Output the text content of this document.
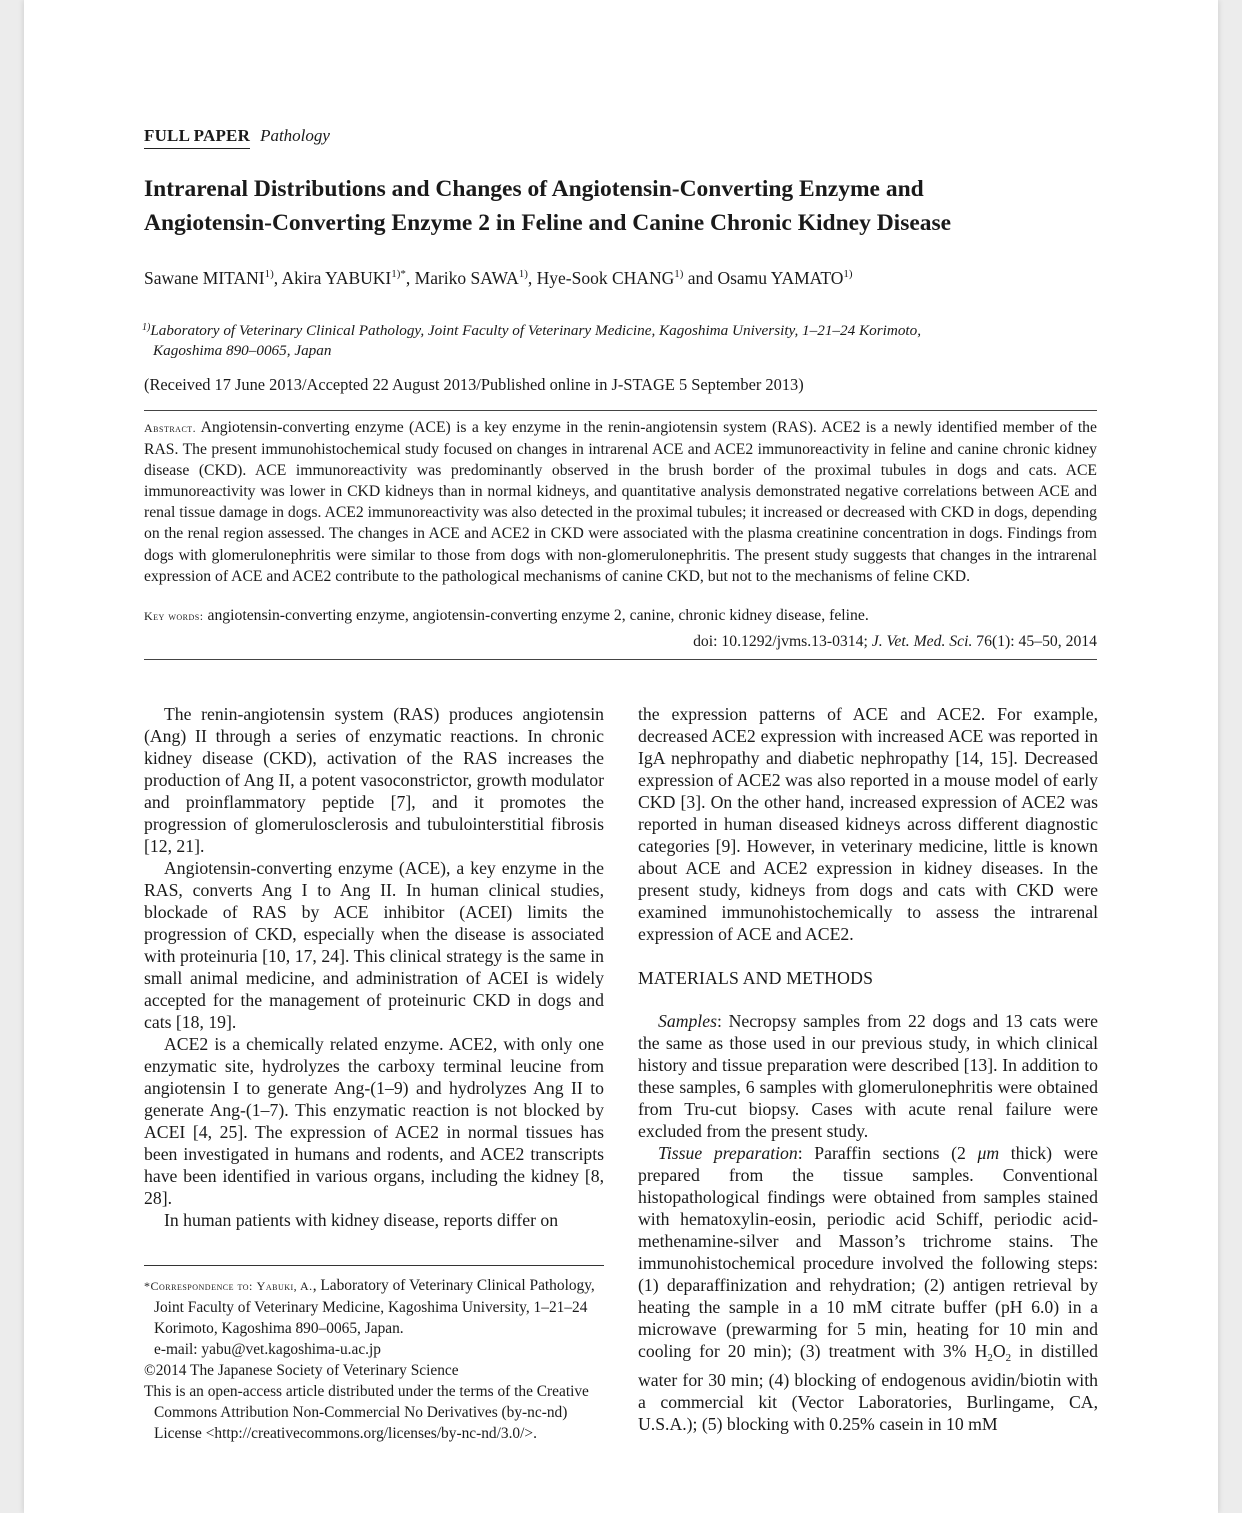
FULL PAPER Pathology
Intrarenal Distributions and Changes of Angiotensin-Converting Enzyme and
Angiotensin-Converting Enzyme 2 in Feline and Canine Chronic Kidney Disease
Sawane MITANI$^{1)}$, Akira $YABUKI^{1)*}$, Mariko SAWA$^{1)}$, Hye-Sook CHANG$^{1)}$ and Osamu YAMATO$^{1)}$
$^{1)}$Laboratory of Veterinary Clinical Pathology, Joint Faculty of Veterinary Medicine, Kagoshima University, 1–21–24 Korimoto,
Kagoshima 890–0065, Japan
(Received 17 June 2013/Accepted 22 August 2013/Published online in J-STAGE 5 September 2013)
Abstract. Angiotensin-converting enzyme (ACE) is a key enzyme in the renin-angiotensin system (RAS). ACE2 is a newly identified member of the RAS. The present immunohistochemical study focused on changes in intrarenal ACE and ACE2 immunoreactivity in feline and canine chronic kidney disease (CKD). ACE immunoreactivity was predominantly observed in the brush border of the proximal tubules in dogs and cats. ACE immunoreactivity was lower in CKD kidneys than in normal kidneys, and quantitative analysis demonstrated negative correlations between ACE and renal tissue damage in dogs. ACE2 immunoreactivity was also detected in the proximal tubules; it increased or decreased with CKD in dogs, depending on the renal region assessed. The changes in ACE and ACE2 in CKD were associated with the plasma creatinine concentration in dogs. Findings from dogs with glomerulonephritis were similar to those from dogs with non-glomerulonephritis. The present study suggests that changes in the intrarenal expression of ACE and ACE2 contribute to the pathological mechanisms of canine CKD, but not to the mechanisms of feline CKD.
Key words: angiotensin-converting enzyme, angiotensin-converting enzyme 2, canine, chronic kidney disease, feline.
doi: 10.1292/jvms.13-0314; J. Vet. Med. Sci. 76(1): 45–50, 2014

The renin-angiotensin system (RAS) produces angiotensin (Ang) II through a series of enzymatic reactions. In chronic kidney disease (CKD), activation of the RAS increases the production of Ang II, a potent vasoconstrictor, growth modulator and proinflammatory peptide [7], and it promotes the progression of glomerulosclerosis and tubulointerstitial fibrosis [12, 21].

Angiotensin-converting enzyme (ACE), a key enzyme in the RAS, converts Ang I to Ang II. In human clinical studies, blockade of RAS by ACE inhibitor (ACEI) limits the progression of CKD, especially when the disease is associated with proteinuria [10, 17, 24]. This clinical strategy is the same in small animal medicine, and administration of ACEI is widely accepted for the management of proteinuric CKD in dogs and cats [18, 19].

ACE2 is a chemically related enzyme. ACE2, with only one enzymatic site, hydrolyzes the carboxy terminal leucine from angiotensin I to generate Ang-(1–9) and hydrolyzes Ang II to generate Ang-(1–7). This enzymatic reaction is not blocked by ACEI [4, 25]. The expression of ACE2 in normal tissues has been investigated in humans and rodents, and ACE2 transcripts have been identified in various organs, including the kidney [8, 28].

In human patients with kidney disease, reports differ on

*Correspondence to: Yabuki, A., Laboratory of Veterinary Clinical Pathology, Joint Faculty of Veterinary Medicine, Kagoshima University, 1–21–24 Korimoto, Kagoshima 890–0065, Japan.

e-mail: yabu@vet.kagoshima-u.ac.jp

©2014 The Japanese Society of Veterinary Science

This is an open-access article distributed under the terms of the Creative Commons Attribution Non-Commercial No Derivatives (by-nc-nd) License <http://creativecommons.org/licenses/by-nc-nd/3.0/>.

the expression patterns of ACE and ACE2. For example, decreased ACE2 expression with increased ACE was reported in IgA nephropathy and diabetic nephropathy [14, 15]. Decreased expression of ACE2 was also reported in a mouse model of early CKD [3]. On the other hand, increased expression of ACE2 was reported in human diseased kidneys across different diagnostic categories [9]. However, in veterinary medicine, little is known about ACE and ACE2 expression in kidney diseases. In the present study, kidneys from dogs and cats with CKD were examined immunohistochemically to assess the intrarenal expression of ACE and ACE2.

MATERIALS AND METHODS

Samples: Necropsy samples from 22 dogs and 13 cats were the same as those used in our previous study, in which clinical history and tissue preparation were described [13]. In addition to these samples, 6 samples with glomerulonephritis were obtained from Tru-cut biopsy. Cases with acute renal failure were excluded from the present study.

Tissue preparation: Paraffin sections (2 μm thick) were prepared from the tissue samples. Conventional histopathological findings were obtained from samples stained with hematoxylin-eosin, periodic acid Schiff, periodic acid-methenamine-silver and Masson’s trichrome stains. The immunohistochemical procedure involved the following steps: (1) deparaffinization and rehydration; (2) antigen retrieval by heating the sample in a 10 mM citrate buffer (pH 6.0) in a microwave (prewarming for 5 min, heating for 10 min and cooling for 20 min); (3) treatment with 3% $H_2O_2$ in distilled water for 30 min; (4) blocking of endogenous avidin/biotin with a commercial kit (Vector Laboratories, Burlingame, CA, U.S.A.); (5) blocking with 0.25% casein in 10 mM
